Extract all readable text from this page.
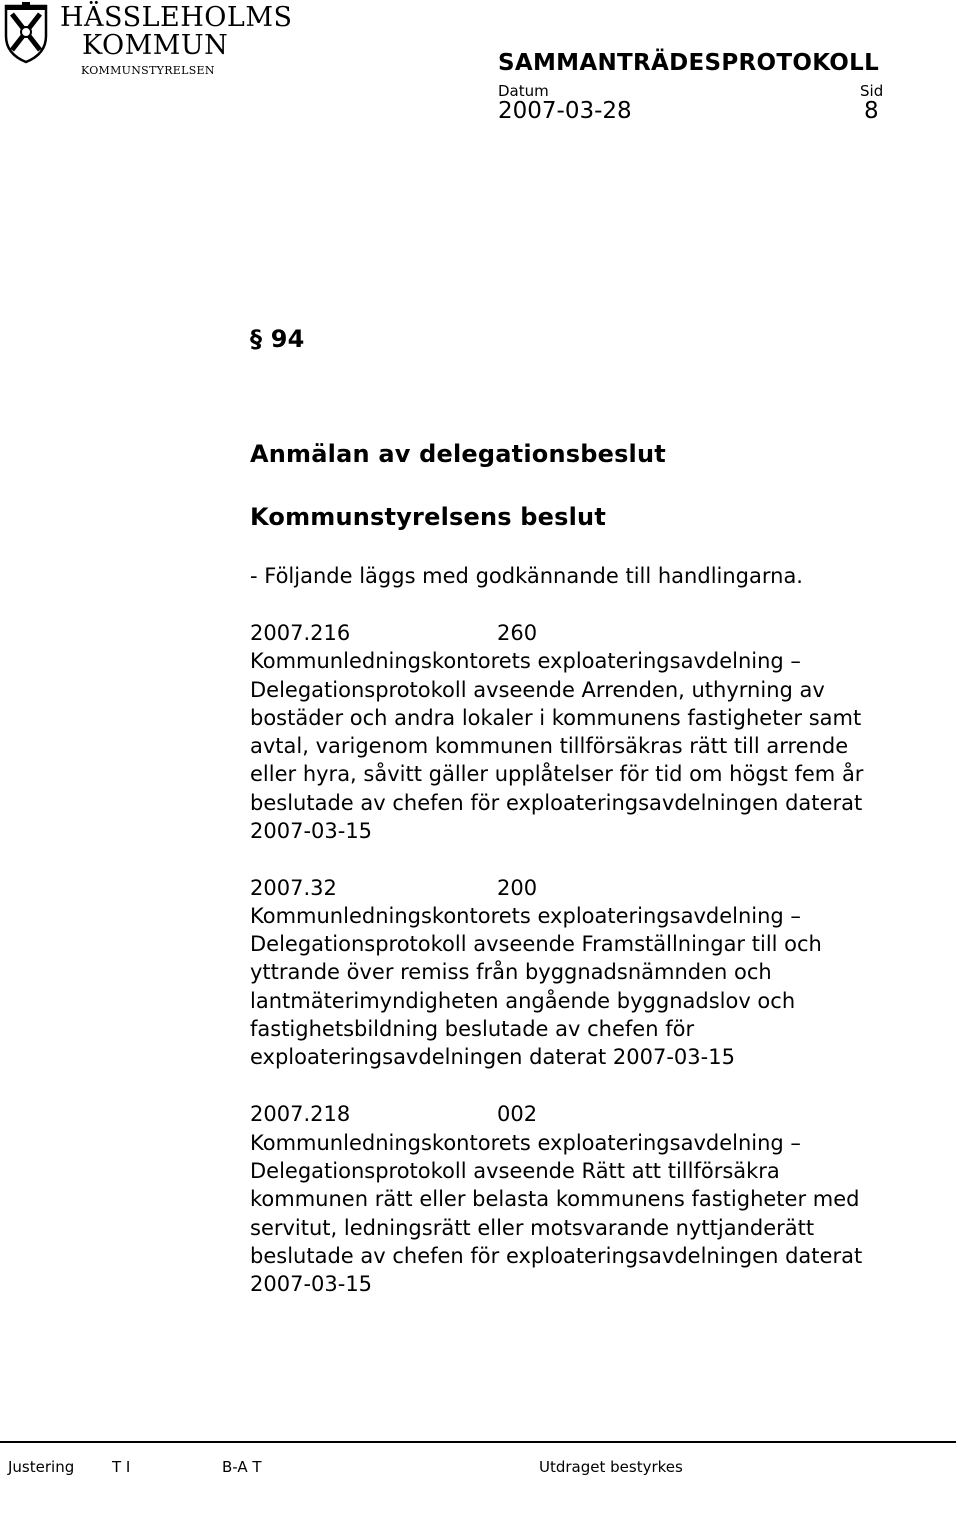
HÄSSLEHOLMS
KOMMUN
KOMMUNSTYRELSEN	SAMMANTRÄDESPROTOKOLL
Datum	Sid
2007-03-28	8
§ 94
Anmälan av delegationsbeslut
Kommunstyrelsens beslut
- Följande läggs med godkännande till handlingarna.
2007.216	260
Kommunledningskontorets exploateringsavdelning –
Delegationsprotokoll avseende Arrenden, uthyrning av
bostäder och andra lokaler i kommunens fastigheter samt
avtal, varigenom kommunen tillförsäkras rätt till arrende
eller hyra, såvitt gäller upplåtelser för tid om högst fem år
beslutade av chefen för exploateringsavdelningen daterat
2007-03-15
2007.32	200
Kommunledningskontorets exploateringsavdelning –
Delegationsprotokoll avseende Framställningar till och
yttrande över remiss från byggnadsnämnden och
lantmäterimyndigheten angående byggnadslov och
fastighetsbildning beslutade av chefen för
exploateringsavdelningen daterat 2007-03-15
2007.218	002
Kommunledningskontorets exploateringsavdelning –
Delegationsprotokoll avseende Rätt att tillförsäkra
kommunen rätt eller belasta kommunens fastigheter med
servitut, ledningsrätt eller motsvarande nyttjanderätt
beslutade av chefen för exploateringsavdelningen daterat
2007-03-15
Justering	T I	B-A T	Utdraget bestyrkes
